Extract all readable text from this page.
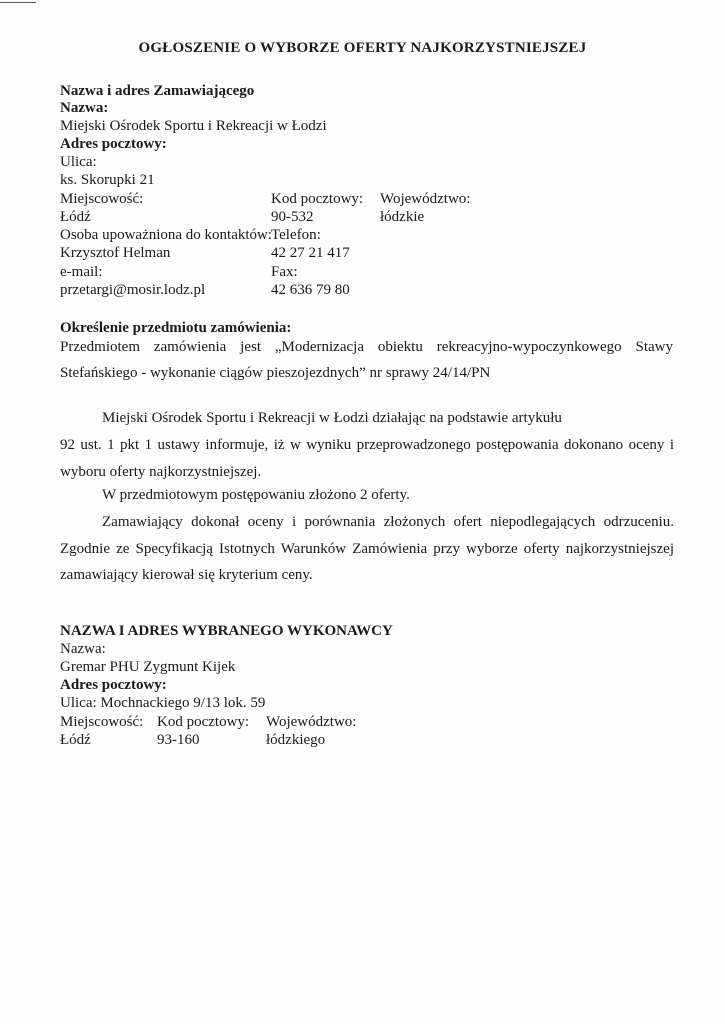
OGŁOSZENIE O WYBORZE OFERTY NAJKORZYSTNIEJSZEJ
Nazwa i adres Zamawiającego
Nazwa:
Miejski Ośrodek Sportu i Rekreacji w Łodzi
Adres pocztowy:
Ulica:
ks. Skorupki 21
Miejscowość:	Kod pocztowy: Województwo:
Łódź	90-532	łódzkie
Osoba upoważniona do kontaktów:
Telefon:
Krzysztof Helman	42 27 21 417
e-mail:	Fax:
przetargi@mosir.lodz.pl	42 636 79 80
Określenie przedmiotu zamówienia:
Przedmiotem zamówienia jest „Modernizacja obiektu rekreacyjno-wypoczynkowego Stawy
Stefańskiego - wykonanie ciągów pieszojezdnych” nr sprawy 24/14/PN
Miejski Ośrodek Sportu i Rekreacji w Łodzi działając na podstawie artykułu
92 ust. 1 pkt 1 ustawy informuje, iż w wyniku przeprowadzonego postępowania dokonano oceny i wyboru oferty najkorzystniejszej.
W przedmiotowym postępowaniu złożono 2 oferty.
Zamawiający dokonał oceny i porównania złożonych ofert niepodlegających odrzuceniu. Zgodnie ze Specyfikacją Istotnych Warunków Zamówienia przy wyborze oferty najkorzystniejszej zamawiający kierował się kryterium ceny.
NAZWA I ADRES WYBRANEGO WYKONAWCY
Nazwa:
Gremar PHU Zygmunt Kijek
Adres pocztowy:
Ulica: Mochnackiego 9/13 lok. 59
Miejscowość: Kod pocztowy: Województwo:
Łódź	93-160	łódzkiego
